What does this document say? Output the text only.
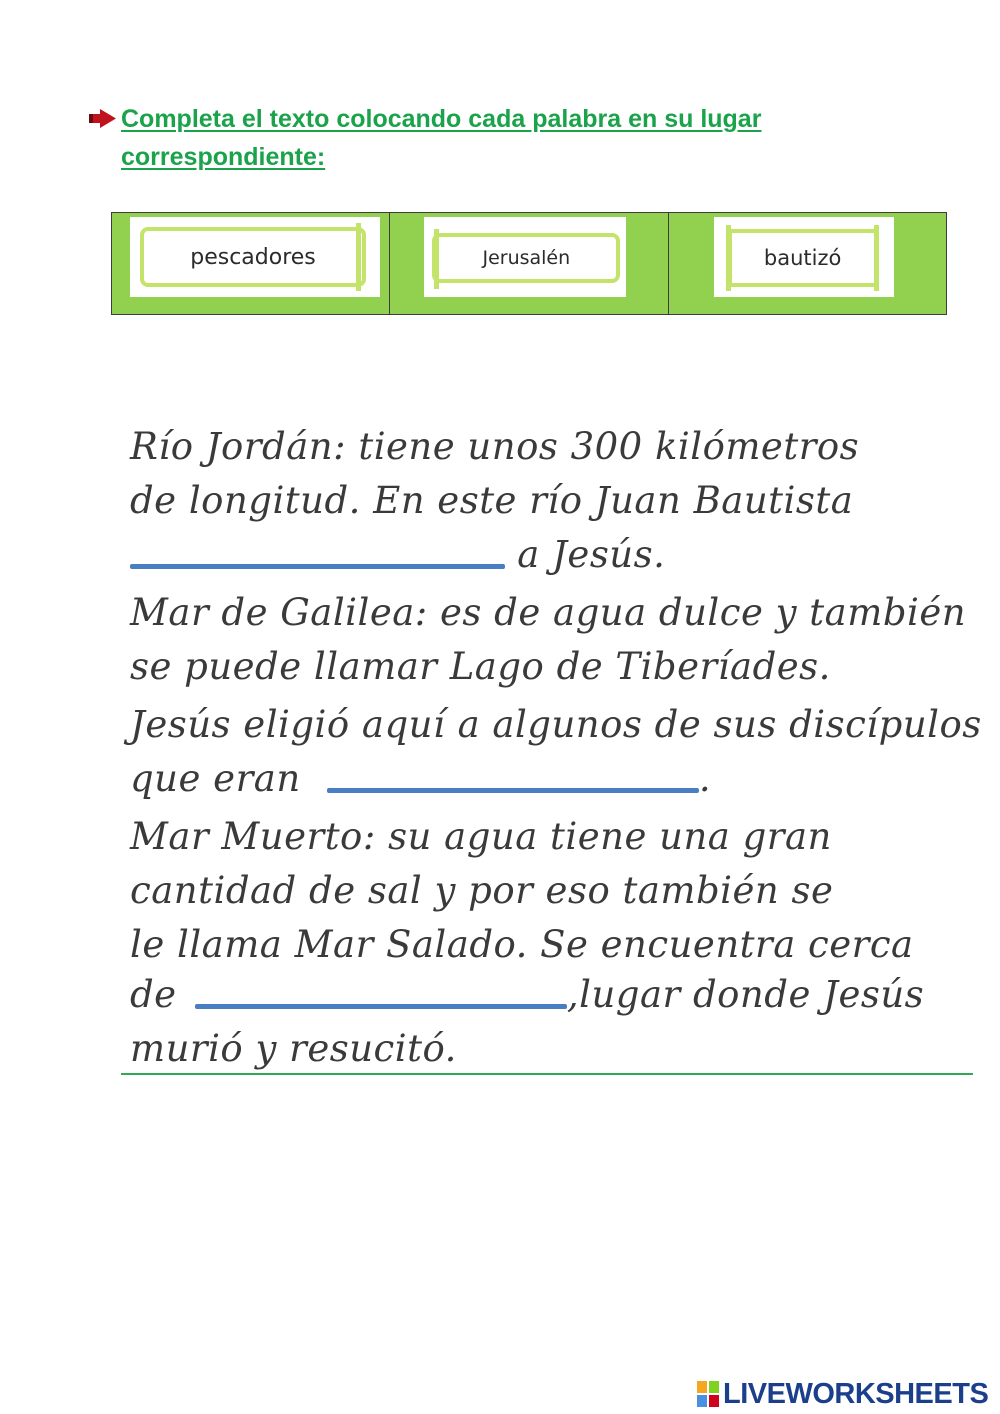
Completa el texto colocando cada palabra en su lugar
correspondiente:
pescadores	Jerusalén	bautizó
Río Jordán: tiene unos 300 kilómetros
de longitud. En este río Juan Bautista
a Jesús.
Mar de Galilea: es de agua dulce y también
se puede llamar Lago de Tiberíades.
Jesús eligió aquí a algunos de sus discípulos
que eran	.
Mar Muerto: su agua tiene una gran
cantidad de sal y por eso también se
le llama Mar Salado. Se encuentra cerca
de	,lugar donde Jesús
murió y resucitó.
LIVEWORKSHEETS
